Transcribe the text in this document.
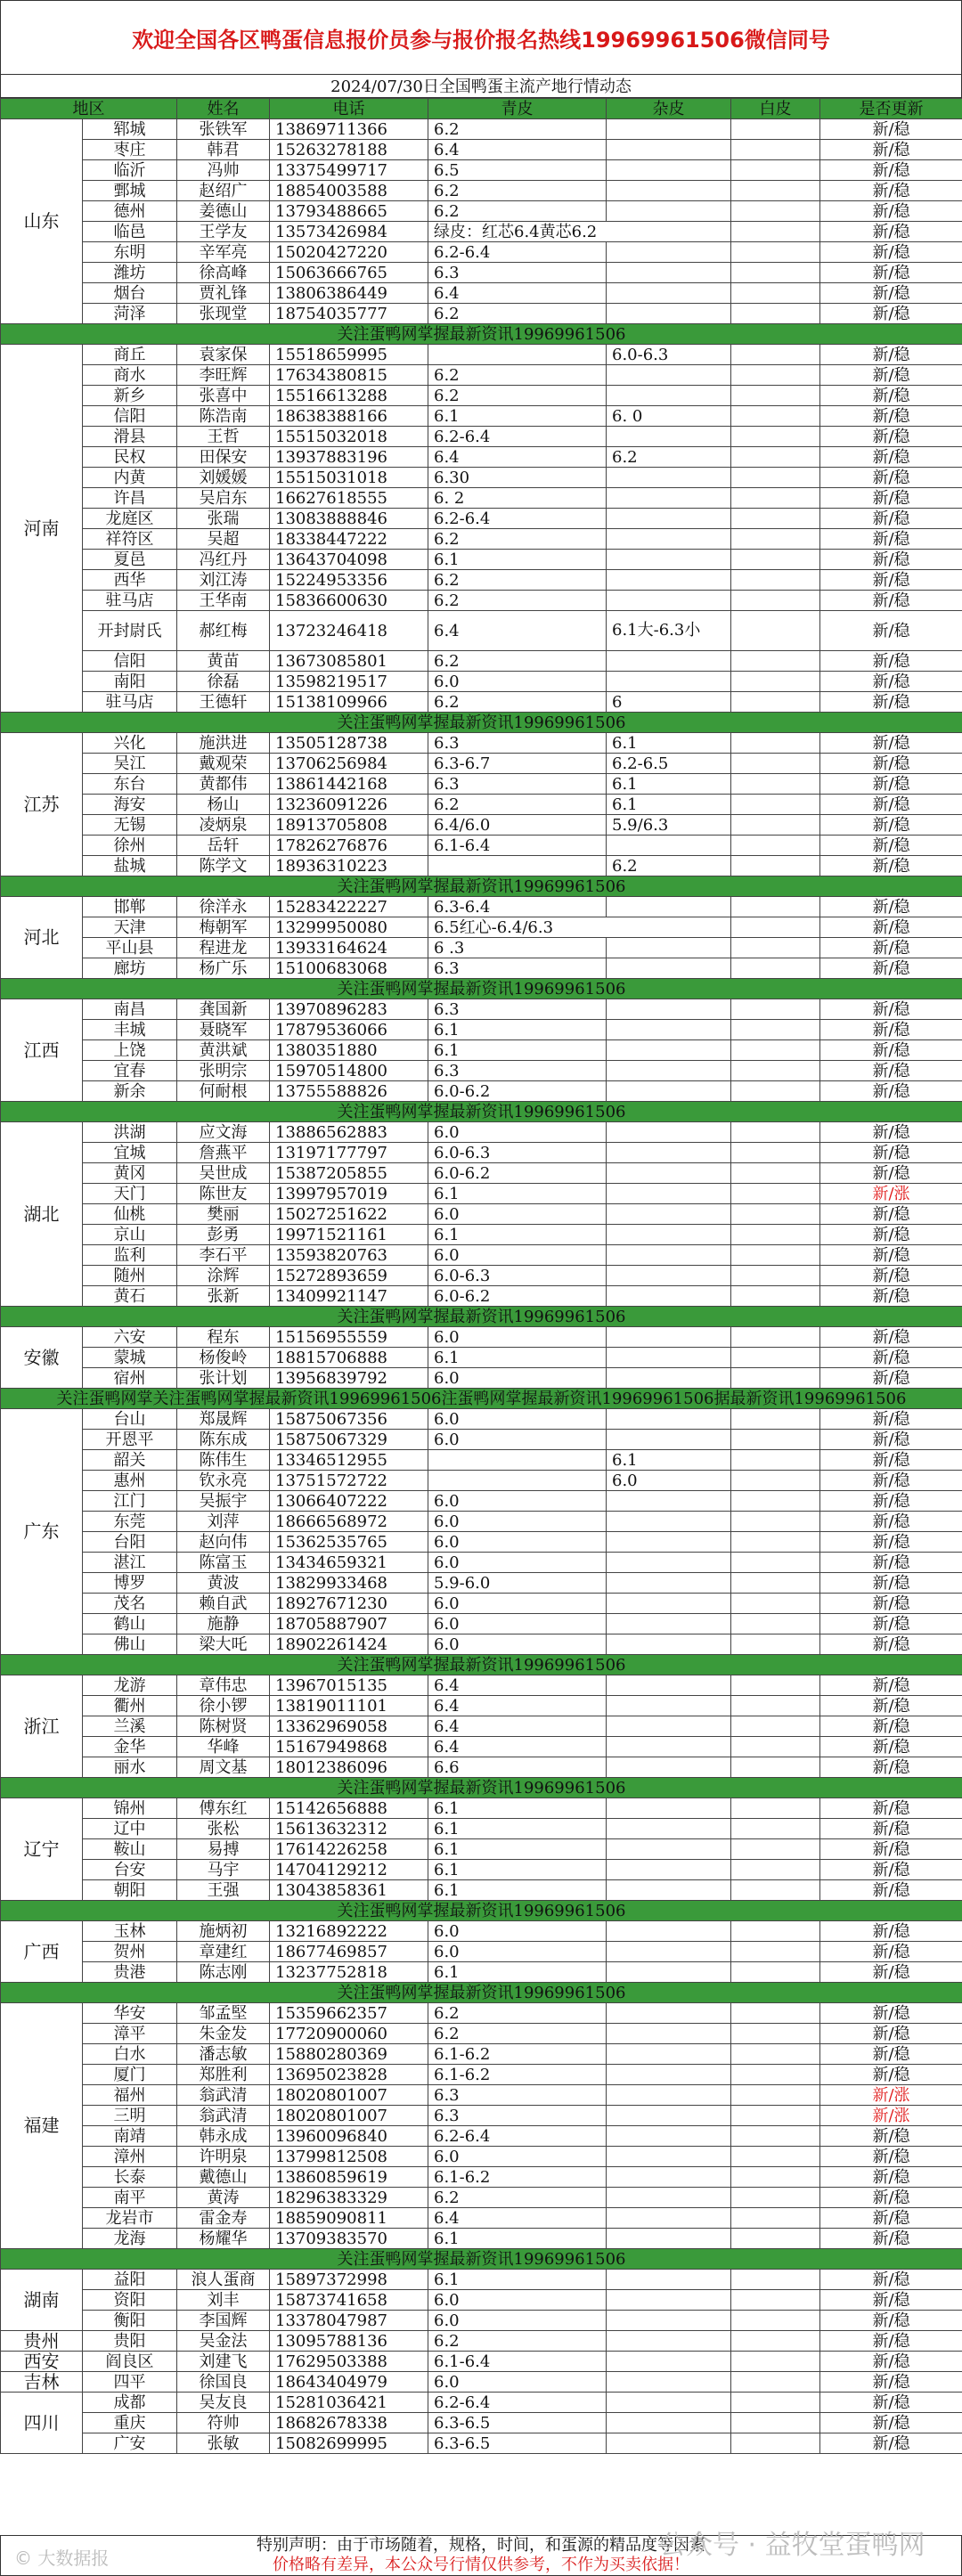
欢迎全国各区鸭蛋信息报价员参与报价报名热线19969961506微信同号
2024/07/30日全国鸭蛋主流产地行情动态
地区		姓名	电话	青皮	杂皮	白皮	是否更新
山东	郓城	张铁军	13869711366	6.2			新/稳
	枣庄	韩君	15263278188	6.4			新/稳
	临沂	冯帅	13375499717	6.5			新/稳
	鄄城	赵绍广	18854003588	6.2			新/稳
	德州	姜德山	13793488665	6.2			新/稳
	临邑	王学友	13573426984	绿皮：红芯6.4黄芯6.2			新/稳
	东明	辛军亮	15020427220	6.2-6.4			新/稳
	潍坊	徐高峰	15063666765	6.3			新/稳
	烟台	贾礼锋	13806386449	6.4			新/稳
	菏泽	张现堂	18754035777	6.2			新/稳
关注蛋鸭网掌握最新资讯19969961506							
河南	商丘	袁家保	15518659995		6.0-6.3		新/稳
	商水	李旺辉	17634380815	6.2			新/稳
	新乡	张喜中	15516613288	6.2			新/稳
	信阳	陈浩南	18638388166	6.1	6. 0		新/稳
	滑县	王哲	15515032018	6.2-6.4			新/稳
	民权	田保安	13937883196	6.4	6.2		新/稳
	内黄	刘媛媛	15515031018	6.30			新/稳
	许昌	吴启东	16627618555	6. 2			新/稳
	龙庭区	张瑞	13083888846	6.2-6.4			新/稳
	祥符区	吴超	18338447222	6.2			新/稳
	夏邑	冯红丹	13643704098	6.1			新/稳
	西华	刘江涛	15224953356	6.2			新/稳
	驻马店	王华南	15836600630	6.2			新/稳
	开封尉氏	郝红梅	13723246418	6.4	6.1大-6.3小		新/稳
	信阳	黄苗	13673085801	6.2			新/稳
	南阳	徐磊	13598219517	6.0			新/稳
	驻马店	王德轩	15138109966	6.2	6		新/稳
关注蛋鸭网掌握最新资讯19969961506							
江苏	兴化	施洪进	13505128738	6.3	6.1		新/稳
	吴江	戴观荣	13706256984	6.3-6.7	6.2-6.5		新/稳
	东台	黄都伟	13861442168	6.3	6.1		新/稳
	海安	杨山	13236091226	6.2	6.1		新/稳
	无锡	凌炳泉	18913705808	6.4/6.0	5.9/6.3		新/稳
	徐州	岳轩	17826276876	6.1-6.4			新/稳
	盐城	陈学文	18936310223		6.2		新/稳
关注蛋鸭网掌握最新资讯19969961506							
河北	邯郸	徐洋永	15283422227	6.3-6.4			新/稳
	天津	梅朝军	13299950080	6.5红心-6.4/6.3			新/稳
	平山县	程进龙	13933164624	6 .3			新/稳
	廊坊	杨广乐	15100683068	6.3			新/稳
关注蛋鸭网掌握最新资讯19969961506							
江西	南昌	龚国新	13970896283	6.3			新/稳
	丰城	聂晓军	17879536066	6.1			新/稳
	上饶	黄洪斌	1380351880	6.1			新/稳
	宜春	张明宗	15970514800	6.3			新/稳
	新余	何耐根	13755588826	6.0-6.2			新/稳
关注蛋鸭网掌握最新资讯19969961506							
湖北	洪湖	应文海	13886562883	6.0			新/稳
	宜城	詹燕平	13197177797	6.0-6.3			新/稳
	黄冈	吴世成	15387205855	6.0-6.2			新/稳
	天门	陈世友	13997957019	6.1			新/涨
	仙桃	樊丽	15027251622	6.0			新/稳
	京山	彭勇	19971521161	6.1			新/稳
	监利	李石平	13593820763	6.0			新/稳
	随州	涂辉	15272893659	6.0-6.3			新/稳
	黄石	张新	13409921147	6.0-6.2			新/稳
关注蛋鸭网掌握最新资讯19969961506							
安徽	六安	程东	15156955559	6.0			新/稳
	蒙城	杨俊岭	18815706888	6.1			新/稳
	宿州	张计划	13956839792	6.0			新/稳
关注蛋鸭网掌关注蛋鸭网掌握最新资讯19969961506注蛋鸭网掌握最新资讯19969961506据最新资讯19969961506							
广东	台山	郑晟辉	15875067356	6.0			新/稳
	开恩平	陈东成	15875067329	6.0			新/稳
	韶关	陈伟生	13346512955		6.1		新/稳
	惠州	钦永亮	13751572722		6.0		新/稳
	江门	吴振宇	13066407222	6.0			新/稳
	东莞	刘萍	18666568972	6.0			新/稳
	台阳	赵向伟	15362535765	6.0			新/稳
	湛江	陈富玉	13434659321	6.0			新/稳
	博罗	黄波	13829933468	5.9-6.0			新/稳
	茂名	赖自武	18927671230	6.0			新/稳
	鹤山	施静	18705887907	6.0			新/稳
	佛山	梁大吒	18902261424	6.0			新/稳
关注蛋鸭网掌握最新资讯19969961506							
浙江	龙游	章伟忠	13967015135	6.4			新/稳
	衢州	徐小锣	13819011101	6.4			新/稳
	兰溪	陈树贤	13362969058	6.4			新/稳
	金华	华峰	15167949868	6.4			新/稳
	丽水	周文基	18012386096	6.6			新/稳
关注蛋鸭网掌握最新资讯19969961506							
辽宁	锦州	傅东红	15142656888	6.1			新/稳
	辽中	张松	15613632312	6.1			新/稳
	鞍山	易搏	17614226258	6.1			新/稳
	台安	马宇	14704129212	6.1			新/稳
	朝阳	王强	13043858361	6.1			新/稳
关注蛋鸭网掌握最新资讯19969961506							
广西	玉林	施炳初	13216892222	6.0			新/稳
	贺州	章建红	18677469857	6.0			新/稳
	贵港	陈志刚	13237752818	6.1			新/稳
关注蛋鸭网掌握最新资讯19969961506							
福建	华安	邹孟堅	15359662357	6.2			新/稳
	漳平	朱金发	17720900060	6.2			新/稳
	白水	潘志敏	15880280369	6.1-6.2			新/稳
	厦门	郑胜利	13695023828	6.1-6.2			新/稳
	福州	翁武清	18020801007	6.3			新/涨
	三明	翁武清	18020801007	6.3			新/涨
	南靖	韩永成	13960096840	6.2-6.4			新/稳
	漳州	许明泉	13799812508	6.0			新/稳
	长泰	戴德山	13860859619	6.1-6.2			新/稳
	南平	黄涛	18296383329	6.2			新/稳
	龙岩市	雷金寿	18859090811	6.4			新/稳
	龙海	杨耀华	13709383570	6.1			新/稳
关注蛋鸭网掌握最新资讯19969961506							
湖南	益阳	浪人蛋商	15897372998	6.1			新/稳
	资阳	刘丰	15873741658	6.0			新/稳
	衡阳	李国辉	13378047987	6.0			新/稳
贵州	贵阳	吴金法	13095788136	6.2			新/稳
西安	阎良区	刘建飞	17629503388	6.1-6.4			新/稳
吉林	四平	徐国良	18643404979	6.0			新/稳
四川	成都	吴友良	15281036421	6.2-6.4			新/稳
	重庆	符帅	18682678338	6.3-6.5			新/稳
	广安	张敏	15082699995	6.3-6.5			新/稳
特别声明：由于市场随着，规格，时间，和蛋源的精品度等因素
价格略有差异，本公众号行情仅供参考，不作为买卖依据！
© 大数据报	公众号 · 益牧堂蛋鸭网
